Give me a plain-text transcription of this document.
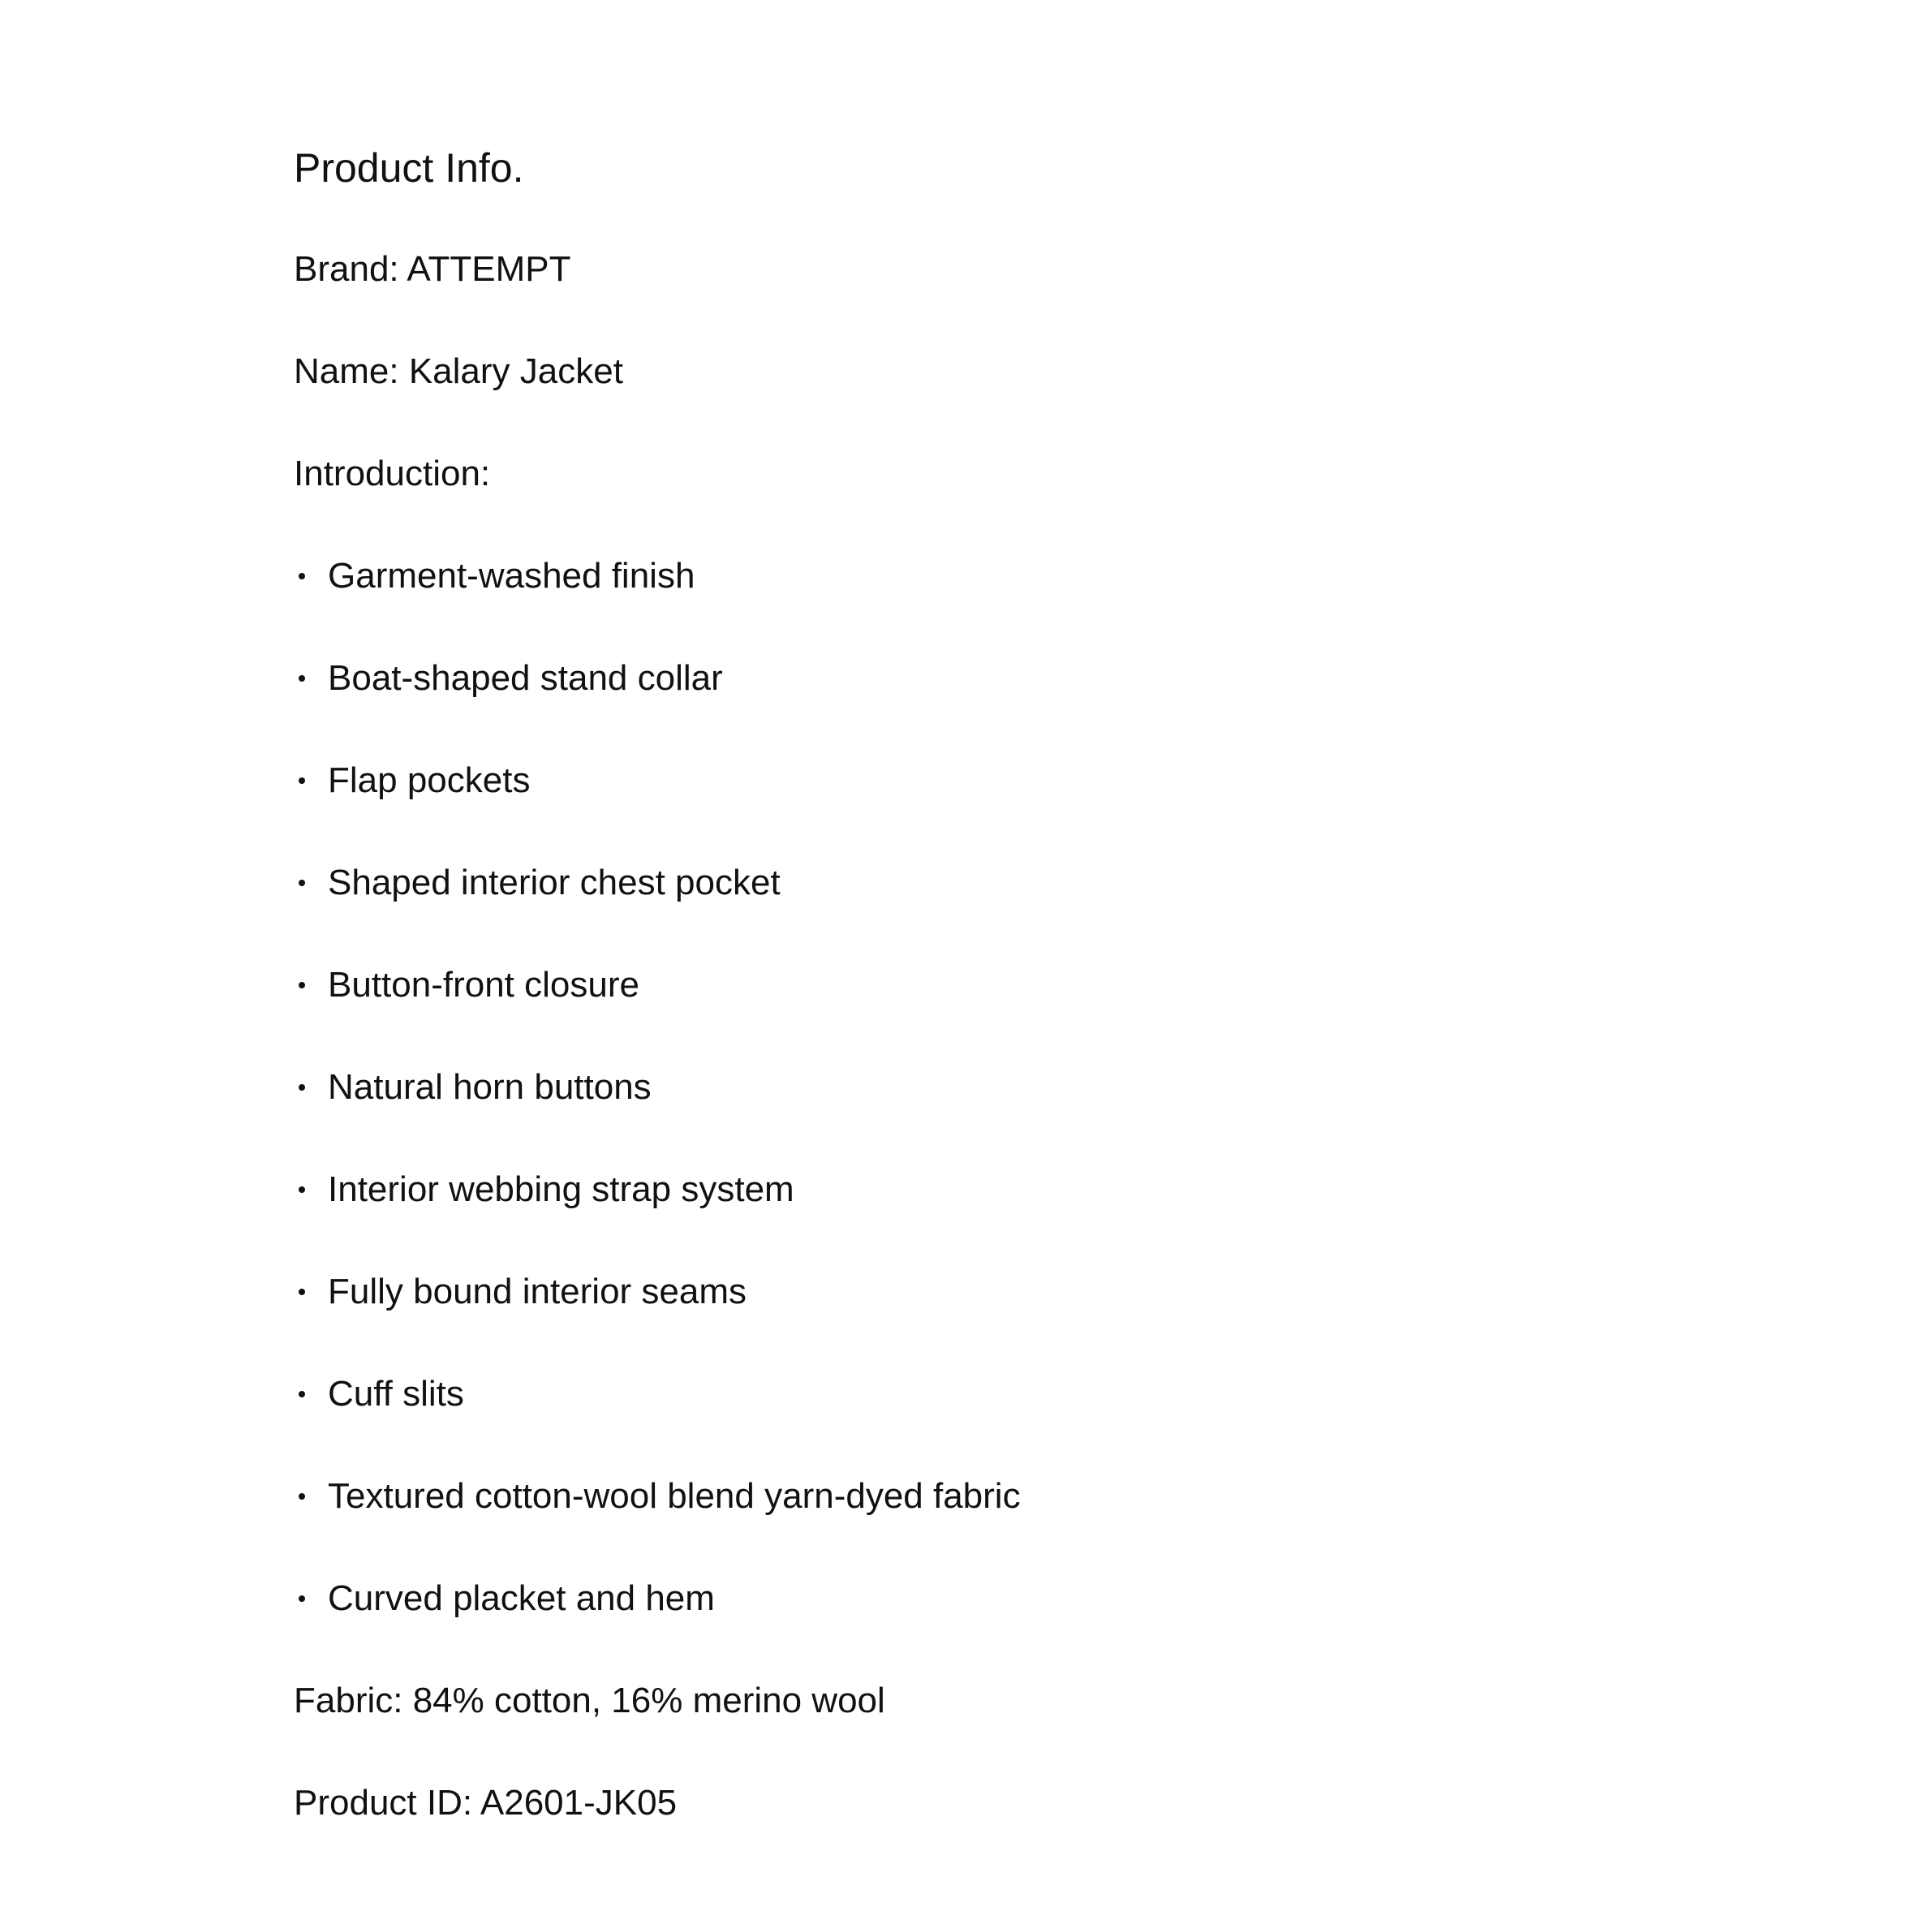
Product Info.

Brand: ATTEMPT

Name: Kalary Jacket

Introduction:

Garment-washed finish
Boat-shaped stand collar
Flap pockets
Shaped interior chest pocket
Button-front closure
Natural horn buttons
Interior webbing strap system
Fully bound interior seams
Cuff slits
Textured cotton-wool blend yarn-dyed fabric
Curved placket and hem

Fabric: 84% cotton, 16% merino wool

Product ID: A2601-JK05
